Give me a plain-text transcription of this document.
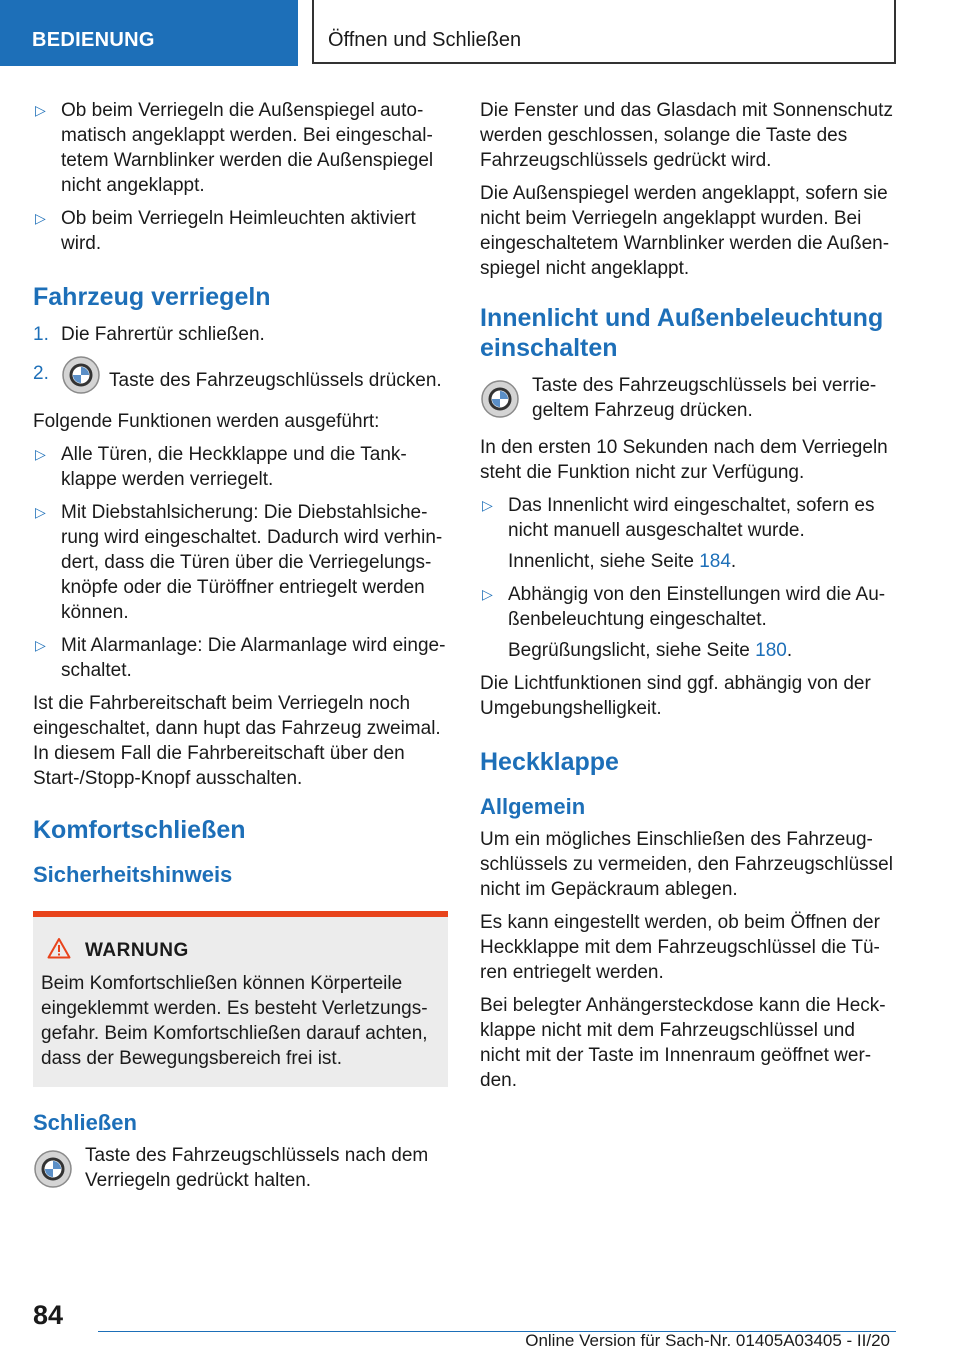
BEDIENUNG	Öffnen und Schließen
▷ Ob beim Verriegeln die Außenspiegel auto-matisch angeklappt werden. Bei eingeschal-tetem Warnblinker werden die Außenspiegel nicht angeklappt.
▷ Ob beim Verriegeln Heimleuchten aktiviert wird.
Fahrzeug verriegeln
1. Die Fahrertür schließen.
2.	Taste des Fahrzeugschlüssels drücken.

Folgende Funktionen werden ausgeführt:

▷ Alle Türen, die Heckklappe und die Tank-klappe werden verriegelt.
▷ Mit Diebstahlsicherung: Die Diebstahlsiche-rung wird eingeschaltet. Dadurch wird verhin-dert, dass die Türen über die Verriegelungs-knöpfe oder die Türöffner entriegelt werden können.
▷ Mit Alarmanlage: Die Alarmanlage wird einge-schaltet.

Ist die Fahrbereitschaft beim Verriegeln noch eingeschaltet, dann hupt das Fahrzeug zweimal. In diesem Fall die Fahrbereitschaft über den Start-/Stopp-Knopf ausschalten.

Komfortschließen
Sicherheitshinweis
WARNUNG
Beim Komfortschließen können Körperteile eingeklemmt werden. Es besteht Verletzungs-gefahr. Beim Komfortschließen darauf achten, dass der Bewegungsbereich frei ist.
Schließen
Taste des Fahrzeugschlüssels nach dem Verriegeln gedrückt halten.

Die Fenster und das Glasdach mit Sonnenschutz werden geschlossen, solange die Taste des Fahrzeugschlüssels gedrückt wird.

Die Außenspiegel werden angeklappt, sofern sie nicht beim Verriegeln angeklappt wurden. Bei eingeschaltetem Warnblinker werden die Außen-spiegel nicht angeklappt.

Innenlicht und Außenbeleuchtung einschalten
Taste des Fahrzeugschlüssels bei verrie-geltem Fahrzeug drücken.

In den ersten 10 Sekunden nach dem Verriegeln steht die Funktion nicht zur Verfügung.

▷ Das Innenlicht wird eingeschaltet, sofern es nicht manuell ausgeschaltet wurde.
Innenlicht, siehe Seite 184.
▷ Abhängig von den Einstellungen wird die Au-ßenbeleuchtung eingeschaltet.
Begrüßungslicht, siehe Seite 180.

Die Lichtfunktionen sind ggf. abhängig von der Umgebungshelligkeit.

Heckklappe
Allgemein

Um ein mögliches Einschließen des Fahrzeug-schlüssels zu vermeiden, den Fahrzeugschlüssel nicht im Gepäckraum ablegen.

Es kann eingestellt werden, ob beim Öffnen der Heckklappe mit dem Fahrzeugschlüssel die Tü-ren entriegelt werden.

Bei belegter Anhängersteckdose kann die Heck-klappe nicht mit dem Fahrzeugschlüssel und nicht mit der Taste im Innenraum geöffnet wer-den.

84
Online Version für Sach-Nr. 01405A03405 - II/20
